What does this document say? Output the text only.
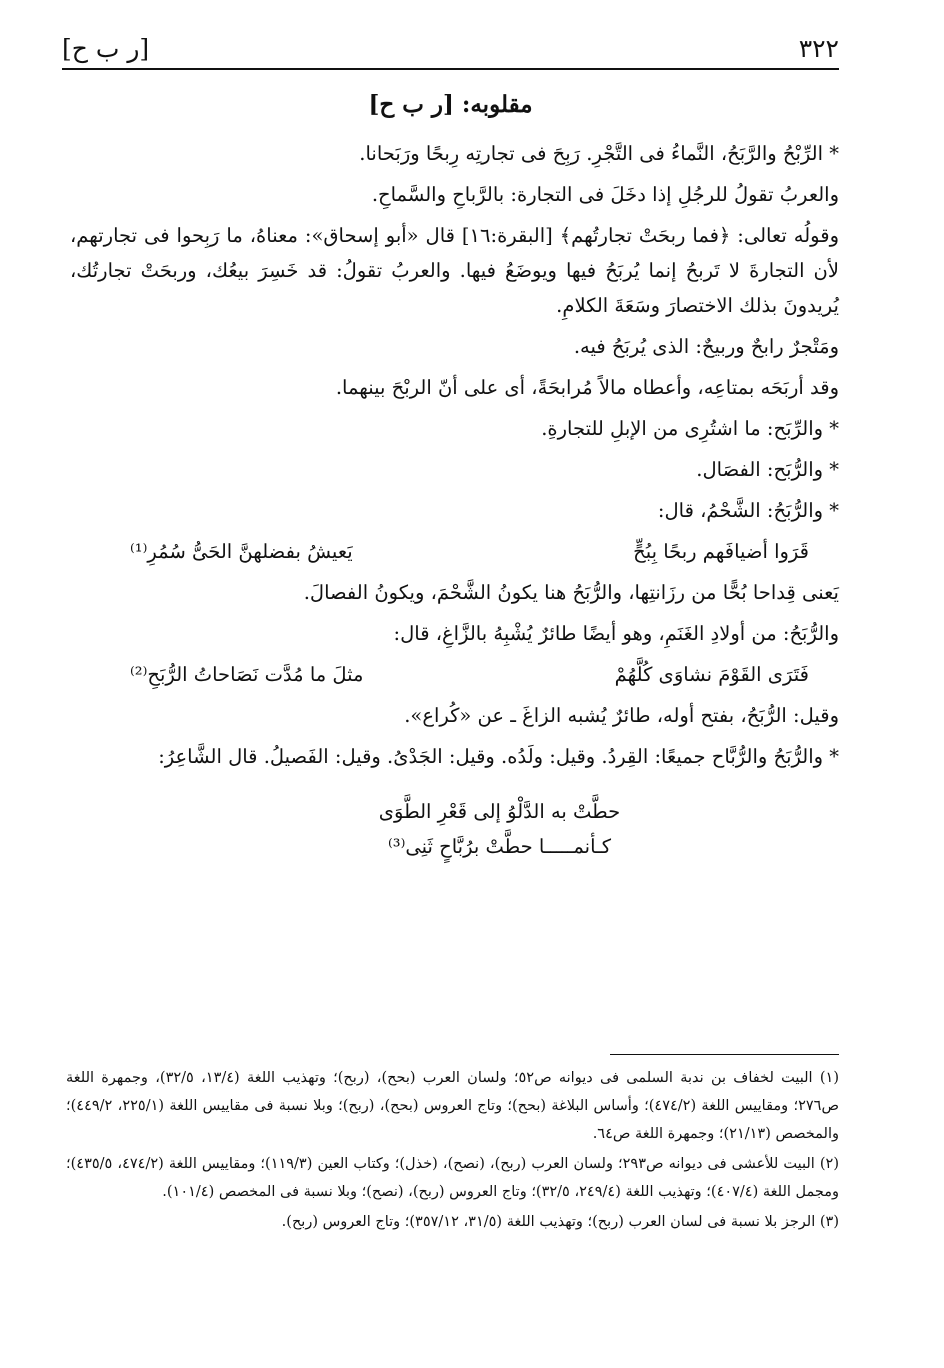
٣٢٢
[ر ب ح]
مقلوبه: [ر ب ح]

* الرِّبْحُ والرَّبَحُ، النَّماءُ فى التَّجْرِ. رَبِحَ فى تجارتِه رِبحًا ورَبَحانا.

والعربُ تقولُ للرجُلِ إذا دخَلَ فى التجارة: بالرَّباحِ والسَّماحِ.

وقولُه تعالى: ﴿فما ربحَتْ تجارتُهم﴾ [البقرة:١٦] قال «أبو إسحاق»: معناهُ، ما رَبِحوا فى تجارتهم، لأن التجارةَ لا تَربحُ إنما يُربَحُ فيها ويوضَعُ فيها. والعربُ تقولُ: قد خَسِرَ بيعُك، وربحَتْ تجارتُك، يُريدونَ بذلك الاختصارَ وسَعَةَ الكلامِ.

ومَتْجرٌ رابحٌ وربيحٌ: الذى يُربَحُ فيه.

وقد أربَحَه بمتاعِه، وأعطاه مالاً مُرابحَةً، أى على أنّ الربْحَ بينهما.

* والرِّبَح: ما اشتُرِى من الإبلِ للتجارةِ.

* والرُّبَح: الفصَال.

* والرُّبَحُ: الشَّحْمُ، قال:

قَرَوا أضيافَهم ربحًا بِبُحٍّ
يَعيشُ بفضلهنَّ الحَىُّ سُمُرِ⁽¹⁾

يَعنى قِداحا بُحًّا من رزَانتِها، والرُّبَحُ هنا يكونُ الشَّحْمَ، ويكونُ الفصالَ.

والرُّبَحُ: من أولادِ الغَنَمِ، وهو أيضًا طائرٌ يُشْبِهُ بالزَّاغِ، قال:

فَتَرَى القَوْمَ نشاوَى كُلَّهُمْ
مثلَ ما مُدَّت نَصَاحاتُ الرُّبَحِ⁽²⁾

وقيل: الرُّبَحُ، بفتح أوله، طائرٌ يُشبه الزاغَ ـ عن «كُراع».

* والرُّبَحُ والرُّبَّاح جميعًا: القِردُ. وقيل: ولَدُه. وقيل: الجَدْىُ. وقيل: الفَصيلُ. قال الشَّاعِرُ:

حطَّتْ به الدَّلْوُ إلى قَعْرِ الطَّوَى
كـأنمـــــا حطَّتْ برُبَّاحٍ ثَنِى⁽³⁾

(١) البيت لخفاف بن ندبة السلمى فى ديوانه ص٥٢؛ ولسان العرب (بحح)، (ربح)؛ وتهذيب اللغة (١٣/٤، ٣٢/٥)، وجمهرة اللغة ص٢٧٦؛ ومقاييس اللغة (٤٧٤/٢)؛ وأساس البلاغة (بحح)؛ وتاج العروس (بحح)، (ربح)؛ وبلا نسبة فى مقاييس اللغة (٢٢٥/١، ٤٤٩/٢)؛ والمخصص (٢١/١٣)؛ وجمهرة اللغة ص٦٤.

(٢) البيت للأعشى فى ديوانه ص٢٩٣؛ ولسان العرب (ربح)، (نصح)، (خذل)؛ وكتاب العين (١١٩/٣)؛ ومقاييس اللغة (٤٧٤/٢، ٤٣٥/٥)؛ ومجمل اللغة (٤٠٧/٤)؛ وتهذيب اللغة (٢٤٩/٤، ٣٢/٥)؛ وتاج العروس (ربح)، (نصح)؛ وبلا نسبة فى المخصص (١٠١/٤).

(٣) الرجز بلا نسبة فى لسان العرب (ربح)؛ وتهذيب اللغة (٣١/٥، ٣٥٧/١٢)؛ وتاج العروس (ربح).
